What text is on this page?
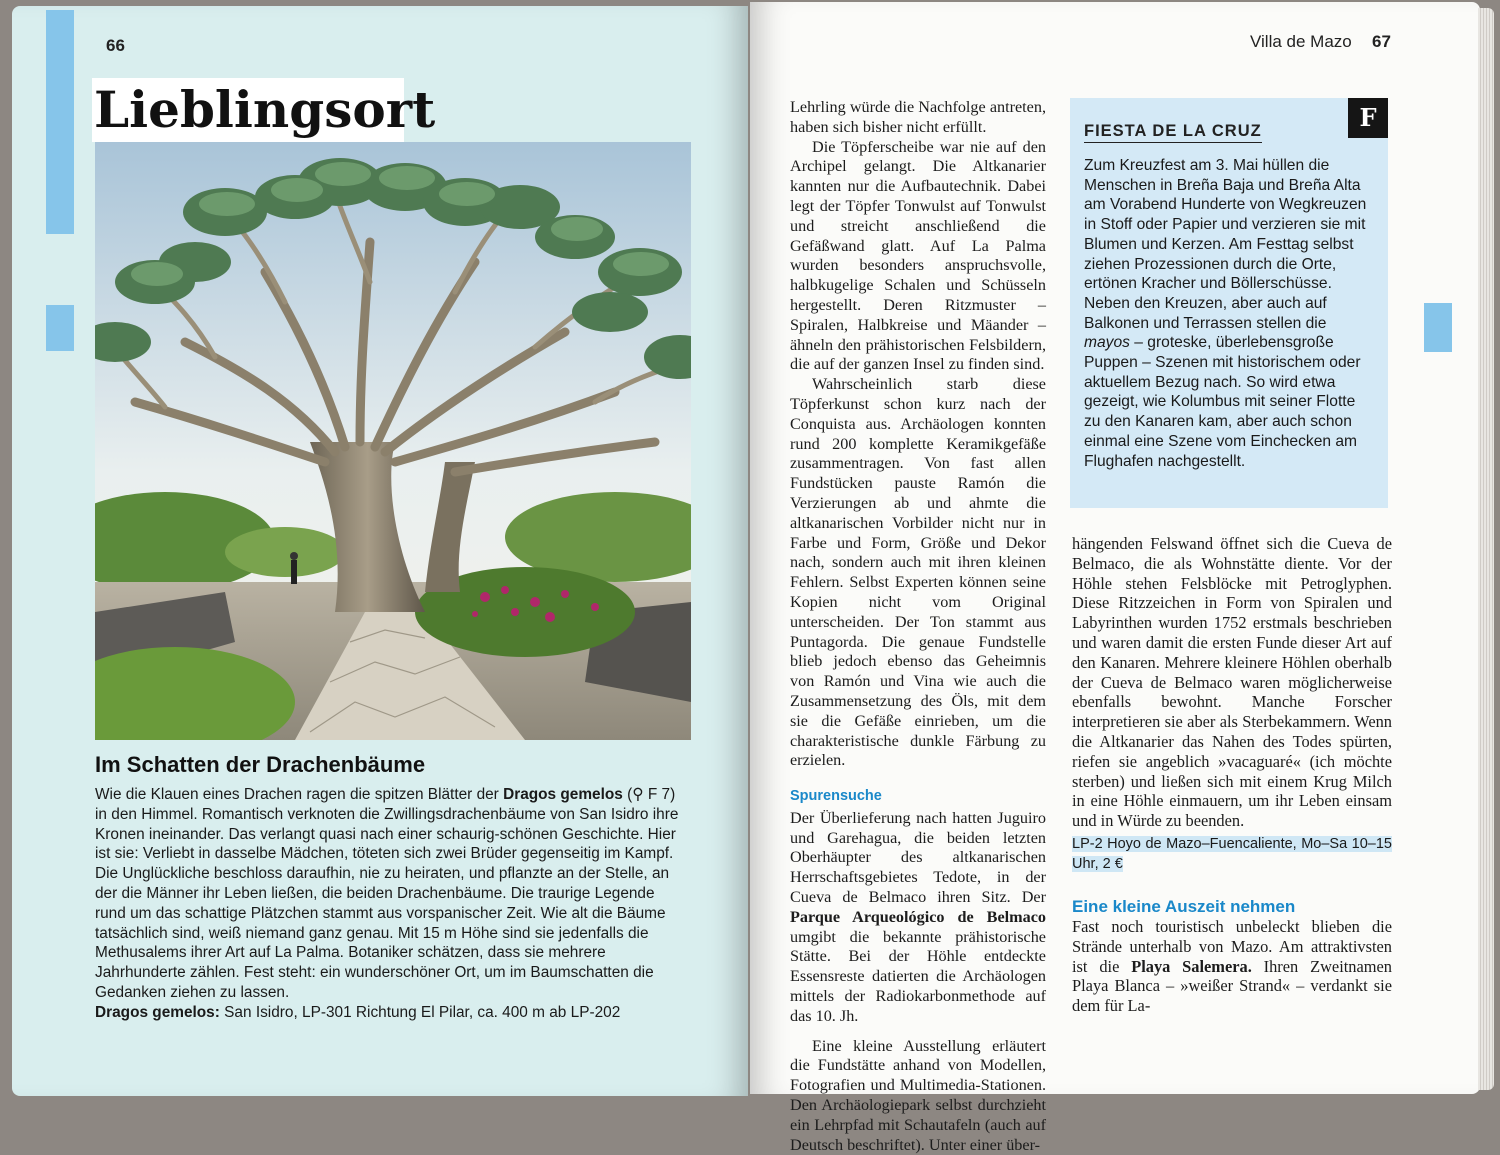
66
Lieblingsort
Im Schatten der Drachenbäume
Wie die Klauen eines Drachen ragen die spitzen Blätter der Dragos gemelos (⚲ F 7) in den Himmel. Romantisch verknoten die Zwillingsdrachenbäume von San Isidro ihre Kronen ineinander. Das verlangt quasi nach einer schaurig-schönen Geschichte. Hier ist sie: Verliebt in dasselbe Mädchen, töteten sich zwei Brüder gegenseitig im Kampf. Die Unglückliche beschloss daraufhin, nie zu heiraten, und pflanzte an der Stelle, an der die Männer ihr Leben ließen, die beiden Drachenbäume. Die traurige Legende rund um das schattige Plätzchen stammt aus vorspanischer Zeit. Wie alt die Bäume tatsächlich sind, weiß niemand ganz genau. Mit 15 m Höhe sind sie jedenfalls die Methusalems ihrer Art auf La Palma. Botaniker schätzen, dass sie mehrere Jahrhunderte zählen. Fest steht: ein wunderschöner Ort, um im Baumschatten die Gedanken ziehen zu lassen.
Dragos gemelos: San Isidro, LP-301 Richtung El Pilar, ca. 400 m ab LP-202
Villa de Mazo 67

Lehrling würde die Nachfolge antreten, haben sich bisher nicht erfüllt.

Die Töpferscheibe war nie auf den Archipel gelangt. Die Altkanarier kannten nur die Aufbautechnik. Dabei legt der Töpfer Tonwulst auf Tonwulst und streicht anschließend die Gefäßwand glatt. Auf La Palma wurden besonders anspruchsvolle, halbkugelige Schalen und Schüsseln hergestellt. Deren Ritzmuster – Spiralen, Halbkreise und Mäander – ähneln den prähistorischen Felsbildern, die auf der ganzen Insel zu finden sind.

Wahrscheinlich starb diese Töpferkunst schon kurz nach der Conquista aus. Archäologen konnten rund 200 komplette Keramikgefäße zusammentragen. Von fast allen Fundstücken pauste Ramón die Verzierungen ab und ahmte die altkanarischen Vorbilder nicht nur in Farbe und Form, Größe und Dekor nach, sondern auch mit ihren kleinen Fehlern. Selbst Experten können seine Kopien nicht vom Original unterscheiden. Der Ton stammt aus Puntagorda. Die genaue Fundstelle blieb jedoch ebenso das Geheimnis von Ramón und Vina wie auch die Zusammensetzung des Öls, mit dem sie die Gefäße einrieben, um die charakteristische dunkle Färbung zu erzielen.

Spurensuche

Der Überlieferung nach hatten Juguiro und Garehagua, die beiden letzten Oberhäupter des altkanarischen Herrschaftsgebietes Tedote, in der Cueva de Belmaco ihren Sitz. Der Parque Arqueológico de Belmaco umgibt die bekannte prähistorische Stätte. Bei der Höhle entdeckte Essensreste datierten die Archäologen mittels der Radiokarbonmethode auf das 10. Jh.

Eine kleine Ausstellung erläutert die Fundstätte anhand von Modellen, Fotografien und Multimedia-Stationen. Den Archäologiepark selbst durchzieht ein Lehrpfad mit Schautafeln (auch auf Deutsch beschriftet). Unter einer über-

F
FIESTA DE LA CRUZ
Zum Kreuzfest am 3. Mai hüllen die Menschen in Breña Baja und Breña Alta am Vorabend Hunderte von Wegkreuzen in Stoff oder Papier und verzieren sie mit Blumen und Kerzen. Am Festtag selbst ziehen Prozessionen durch die Orte, ertönen Kracher und Böllerschüsse. Neben den Kreuzen, aber auch auf Balkonen und Terrassen stellen die mayos – groteske, überlebensgroße Puppen – Szenen mit historischem oder aktuellem Bezug nach. So wird etwa gezeigt, wie Kolumbus mit seiner Flotte zu den Kanaren kam, aber auch schon einmal eine Szene vom Einchecken am Flughafen nachgestellt.

hängenden Felswand öffnet sich die Cueva de Belmaco, die als Wohnstätte diente. Vor der Höhle stehen Felsblöcke mit Petroglyphen. Diese Ritzzeichen in Form von Spiralen und Labyrinthen wurden 1752 erstmals beschrieben und waren damit die ersten Funde dieser Art auf den Kanaren. Mehrere kleinere Höhlen oberhalb der Cueva de Belmaco waren möglicherweise ebenfalls bewohnt. Manche Forscher interpretieren sie aber als Sterbekammern. Wenn die Altkanarier das Nahen des Todes spürten, riefen sie angeblich »vacaguaré« (ich möchte sterben) und ließen sich mit einem Krug Milch in eine Höhle einmauern, um ihr Leben einsam und in Würde zu beenden.

LP-2 Hoyo de Mazo–Fuencaliente, Mo–Sa 10–15 Uhr, 2 €
Eine kleine Auszeit nehmen

Fast noch touristisch unbeleckt blieben die Strände unterhalb von Mazo. Am attraktivsten ist die Playa Salemera. Ihren Zweitnamen Playa Blanca – »weißer Strand« – verdankt sie dem für La-
